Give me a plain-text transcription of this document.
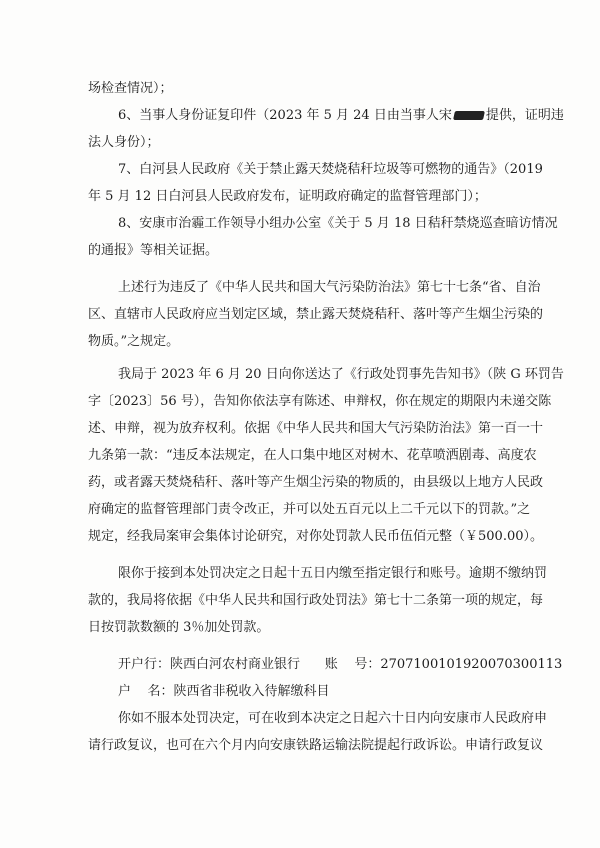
场检查情况）；
6、当事人身份证复印件（2023 年 5 月 24 日由当事人宋	提供，证明违
法人身份）；
7、白河县人民政府《关于禁止露天焚烧秸秆垃圾等可燃物的通告》（2019
年 5 月 12 日白河县人民政府发布，证明政府确定的监督管理部门）；
8、安康市治霾工作领导小组办公室《关于 5 月 18 日秸秆禁烧巡查暗访情况
的通报》等相关证据。
上述行为违反了《中华人民共和国大气污染防治法》第七十七条“省、自治
区、直辖市人民政府应当划定区域，禁止露天焚烧秸秆、落叶等产生烟尘污染的
物质。”之规定。
我局于 2023 年 6 月 20 日向你送达了《行政处罚事先告知书》（陕 G 环罚告
字〔2023〕56 号），告知你依法享有陈述、申辩权，你在规定的期限内未递交陈
述、申辩，视为放弃权利。依据《中华人民共和国大气污染防治法》第一百一十
九条第一款：“违反本法规定，在人口集中地区对树木、花草喷洒剧毒、高度农
药，或者露天焚烧秸秆、落叶等产生烟尘污染的物质的，由县级以上地方人民政
府确定的监督管理部门责令改正，并可以处五百元以上二千元以下的罚款。”之
规定，经我局案审会集体讨论研究，对你处罚款人民币伍佰元整（￥500.00）。
限你于接到本处罚决定之日起十五日内缴至指定银行和账号。逾期不缴纳罚
款的，我局将依据《中华人民共和国行政处罚法》第七十二条第一项的规定，每
日按罚款数额的 3％加处罚款。
开户行：陕西白河农村商业银行      账    号：2707100101920070300113
户    名：陕西省非税收入待解缴科目
你如不服本处罚决定，可在收到本决定之日起六十日内向安康市人民政府申
请行政复议，也可在六个月内向安康铁路运输法院提起行政诉讼。申请行政复议
